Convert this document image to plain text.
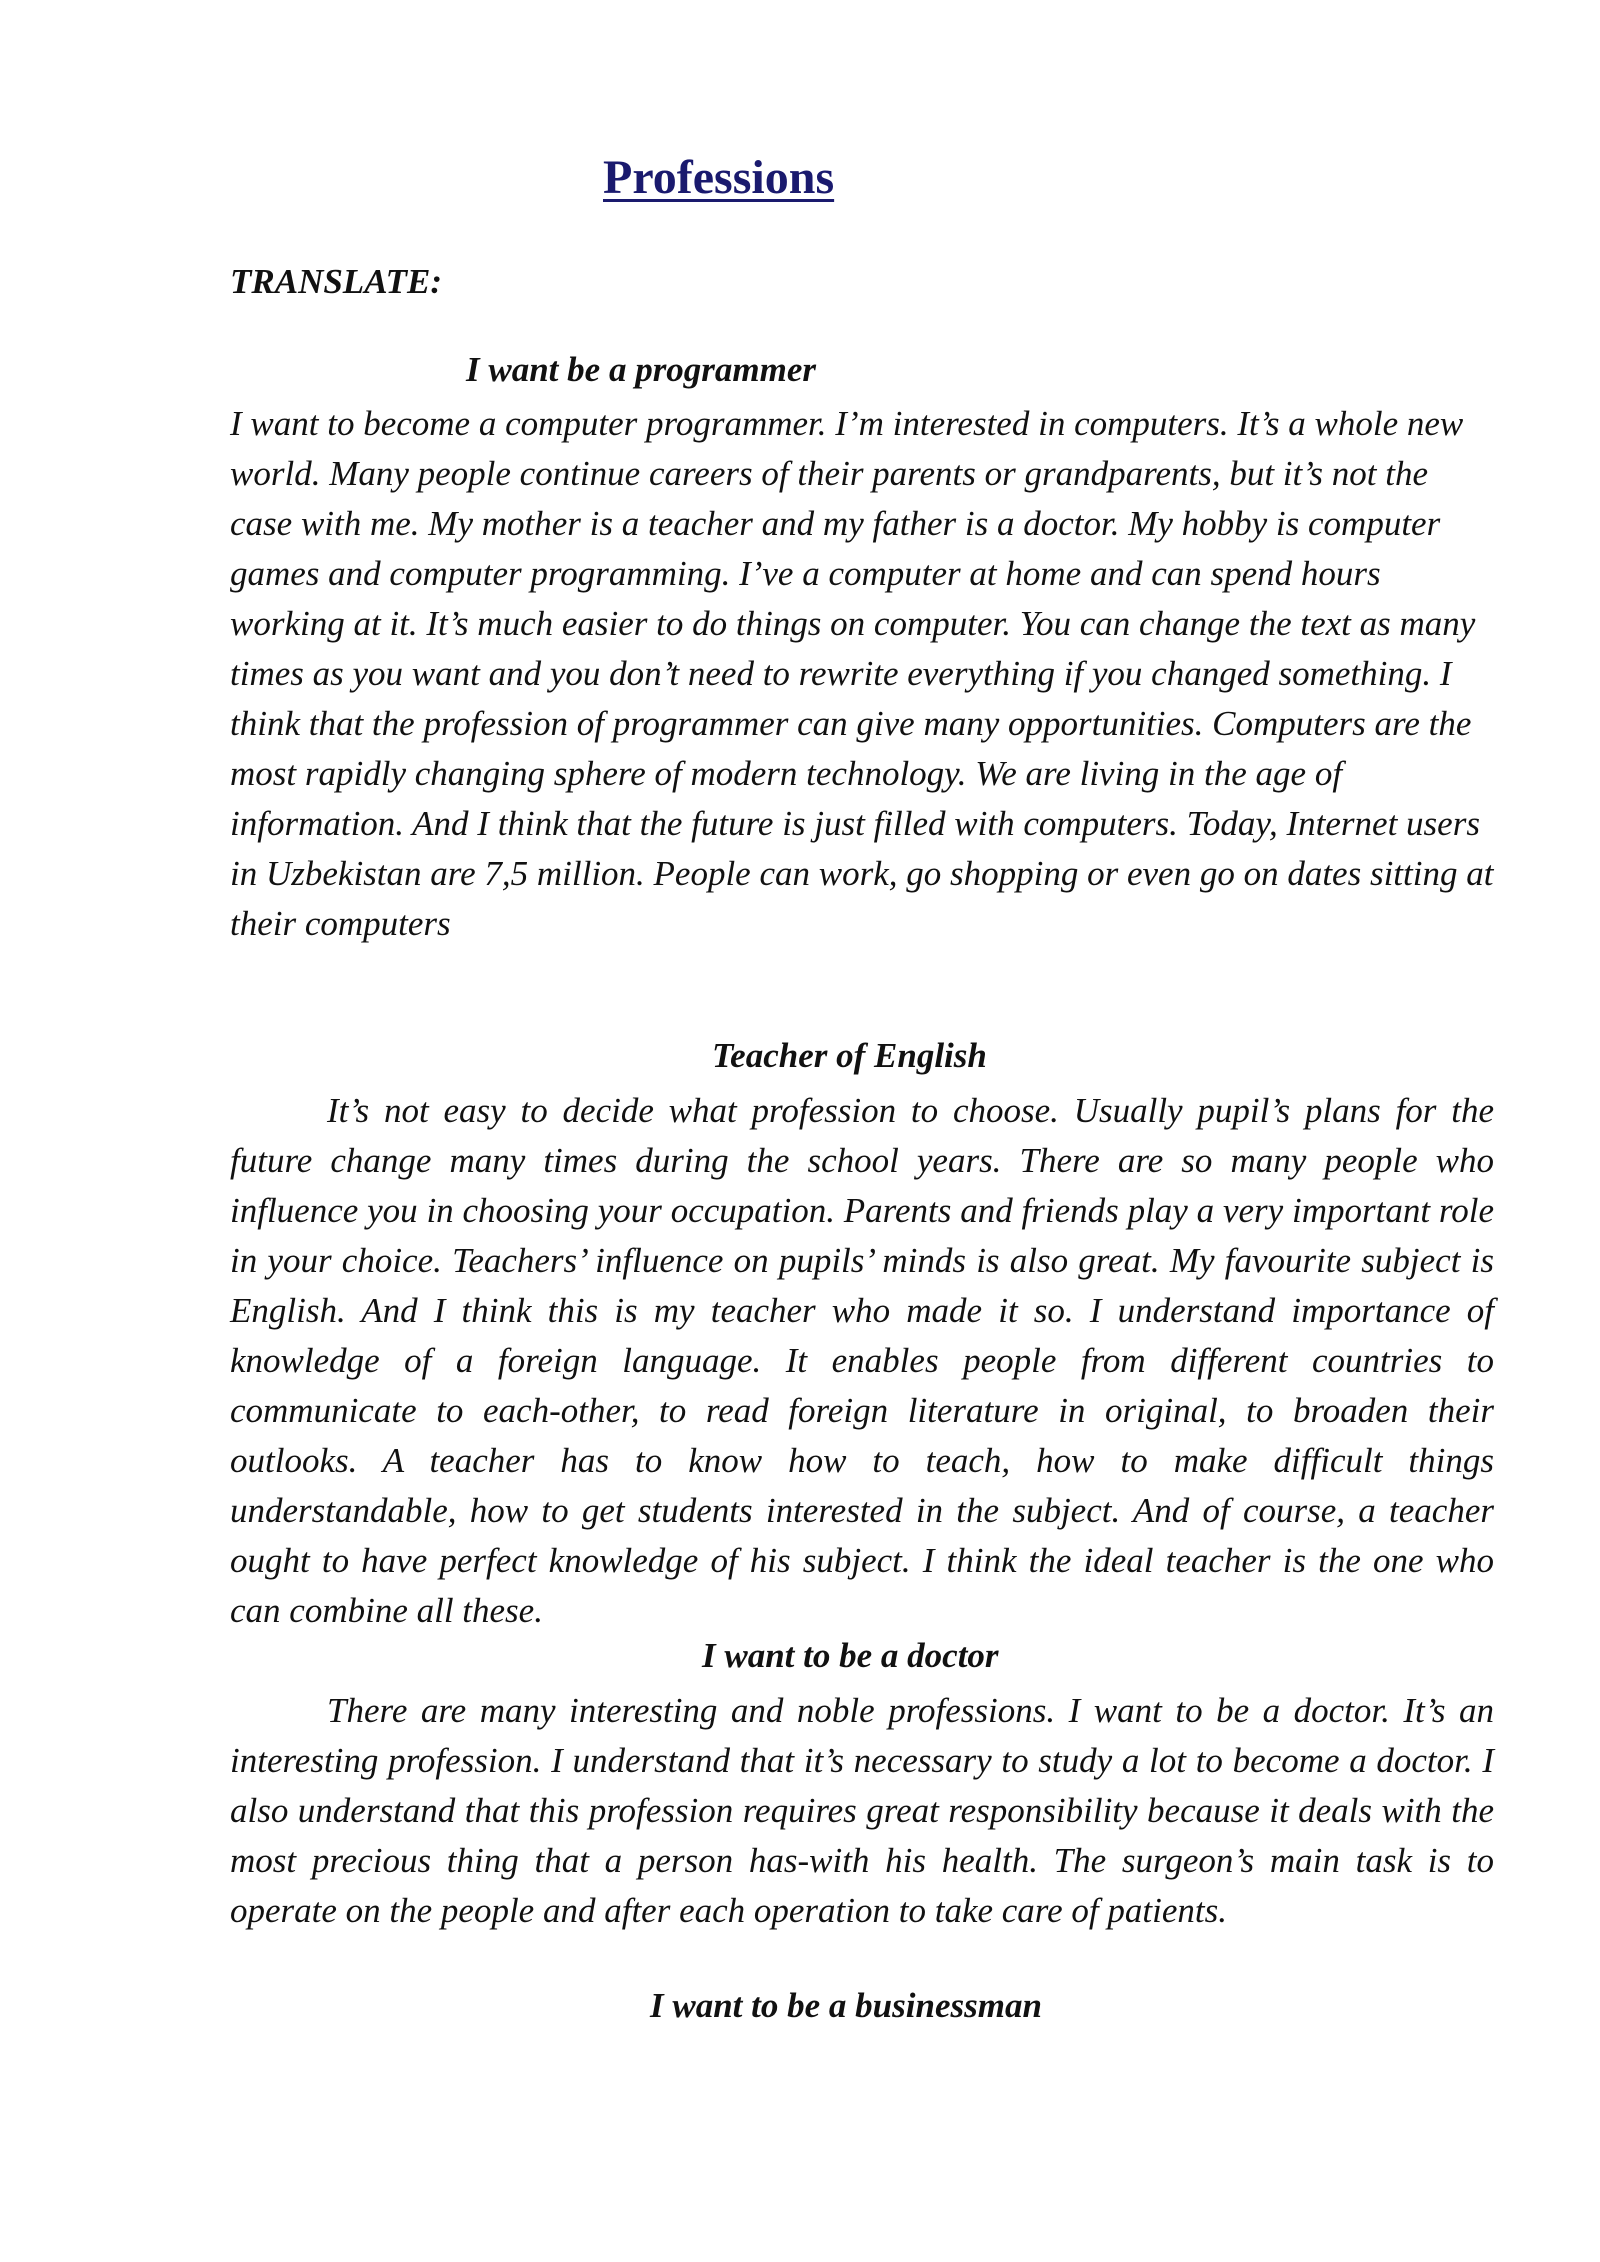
Professions

TRANSLATE:

I want be a programmer

I want to become a computer programmer. I’m interested in computers. It’s a whole new world. Many people continue careers of their parents or grandparents, but it’s not the case with me. My mother is a teacher and my father is a doctor. My hobby is computer games and computer programming. I’ve a computer at home and can spend hours working at it. It’s much easier to do things on computer. You can change the text as many times as you want and you don’t need to rewrite everything if you changed something. I think that the profession of programmer can give many opportunities. Computers are the most rapidly changing sphere of modern technology. We are living in the age of information. And I think that the future is just filled with computers. Today, Internet users in Uzbekistan are 7,5 million. People can work, go shopping or even go on dates sitting at their computers

Teacher of English

It’s not easy to decide what profession to choose. Usually pupil’s plans for the future change many times during the school years. There are so many people who influence you in choosing your occupation. Parents and friends play a very important role in your choice. Teachers’ influence on pupils’ minds is also great. My favourite subject is English. And I think this is my teacher who made it so. I understand importance of knowledge of a foreign language. It enables people from different countries to communicate to each-other, to read foreign literature in original, to broaden their outlooks. A teacher has to know how to teach, how to make difficult things understandable, how to get students interested in the subject. And of course, a teacher ought to have perfect knowledge of his subject. I think the ideal teacher is the one who can combine all these.

I want to be a doctor

There are many interesting and noble professions. I want to be a doctor. It’s an interesting profession. I understand that it’s necessary to study a lot to become a doctor. I also understand that this profession requires great responsibility because it deals with the most precious thing that a person has-with his health. The surgeon’s main task is to operate on the people and after each operation to take care of patients.

I want to be a businessman
